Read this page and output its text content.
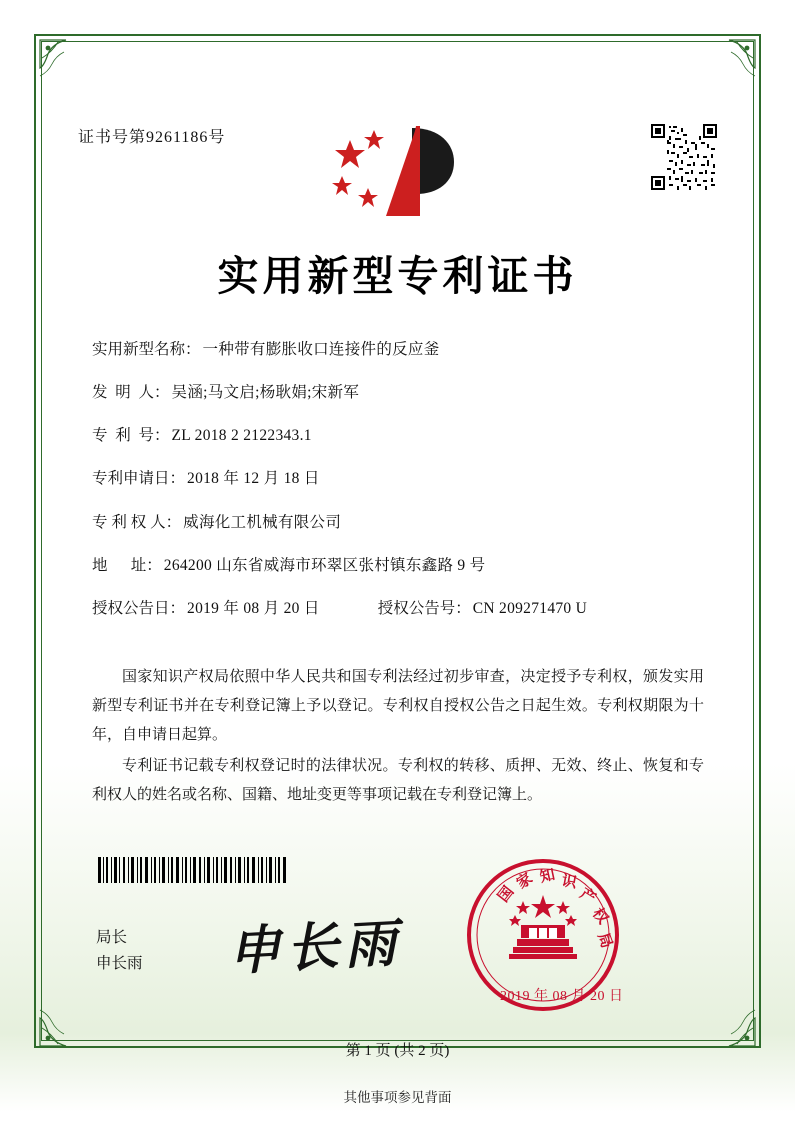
证书号第9261186号
实用新型专利证书
实用新型名称： 一种带有膨胀收口连接件的反应釜
发  明  人： 吴涵;马文启;杨耿娟;宋新军
专  利  号： ZL 2018 2 2122343.1
专利申请日： 2018 年 12 月 18 日
专 利 权 人： 威海化工机械有限公司
地      址： 264200 山东省威海市环翠区张村镇东鑫路 9 号
授权公告日： 2019 年 08 月 20 日	授权公告号： CN 209271470 U

国家知识产权局依照中华人民共和国专利法经过初步审查，决定授予专利权，颁发实用新型专利证书并在专利登记簿上予以登记。专利权自授权公告之日起生效。专利权期限为十年，自申请日起算。

专利证书记载专利权登记时的法律状况。专利权的转移、质押、无效、终止、恢复和专利权人的姓名或名称、国籍、地址变更等事项记载在专利登记簿上。

局长
申长雨 申长雨
国
家 知 识
产
权
局
2019 年 08 月 20 日
第 1 页 (共 2 页)
其他事项参见背面
